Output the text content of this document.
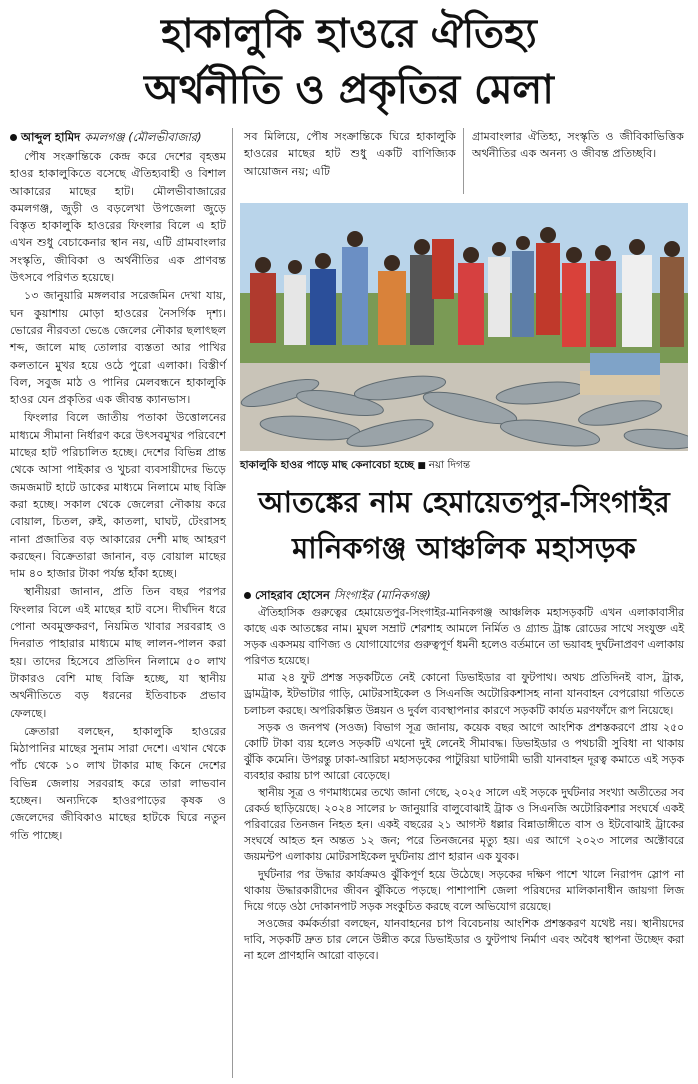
হাকালুকি হাওরে ঐতিহ্য
অর্থনীতি ও প্রকৃতির মেলা
আব্দুল হামিদ কমলগঞ্জ (মৌলভীবাজার)

পৌষ সংক্রান্তিকে কেন্দ্র করে দেশের বৃহত্তম হাওর হাকালুকিতে বসেছে ঐতিহ্যবাহী ও বিশাল আকারের মাছের হাট। মৌলভীবাজারের কমলগঞ্জ, জুড়ী ও বড়লেখা উপজেলা জুড়ে বিস্তৃত হাকালুকি হাওরের ফিংলার বিলে এ হাট এখন শুধু বেচাকেনার স্থান নয়, এটি গ্রামবাংলার সংস্কৃতি, জীবিকা ও অর্থনীতির এক প্রাণবন্ত উৎসবে পরিণত হয়েছে।

১৩ জানুয়ারি মঙ্গলবার সরেজমিন দেখা যায়, ঘন কুয়াশায় মোড়া হাওরের নৈসর্গিক দৃশ্য। ভোরের নীরবতা ভেঙে জেলের নৌকার ছলাৎছল শব্দ, জালে মাছ তোলার ব্যস্ততা আর পাখির কলতানে মুখর হয়ে ওঠে পুরো এলাকা। বিস্তীর্ণ বিল, সবুজ মাঠ ও পানির মেলবন্ধনে হাকালুকি হাওর যেন প্রকৃতির এক জীবন্ত ক্যানভাস।

ফিংলার বিলে জাতীয় পতাকা উত্তোলনের মাধ্যমে সীমানা নির্ধারণ করে উৎসবমুখর পরিবেশে মাছের হাট পরিচালিত হচ্ছে। দেশের বিভিন্ন প্রান্ত থেকে আসা পাইকার ও খুচরা ব্যবসায়ীদের ভিড়ে জমজমাট হাটে ডাকের মাধ্যমে নিলামে মাছ বিক্রি করা হচ্ছে। সকাল থেকে জেলেরা নৌকায় করে বোয়াল, চিতল, রুই, কাতলা, ঘাঘট, টেংরাসহ নানা প্রজাতির বড় আকারের দেশী মাছ আহরণ করছেন। বিক্রেতারা জানান, বড় বোয়াল মাছের দাম ৪০ হাজার টাকা পর্যন্ত হাঁকা হচ্ছে।

স্থানীয়রা জানান, প্রতি তিন বছর পরপর ফিংলার বিলে এই মাছের হাট বসে। দীর্ঘদিন ধরে পোনা অবমুক্তকরণ, নিয়মিত খাবার সরবরাহ ও দিনরাত পাহারার মাধ্যমে মাছ লালন-পালন করা হয়। তাদের হিসেবে প্রতিদিন নিলামে ৫০ লাখ টাকারও বেশি মাছ বিক্রি হচ্ছে, যা স্থানীয় অর্থনীতিতে বড় ধরনের ইতিবাচক প্রভাব ফেলছে।

ক্রেতারা বলছেন, হাকালুকি হাওরের মিঠাপানির মাছের সুনাম সারা দেশে। এখান থেকে পাঁচ থেকে ১০ লাখ টাকার মাছ কিনে দেশের বিভিন্ন জেলায় সরবরাহ করে তারা লাভবান হচ্ছেন। অন্যদিকে হাওরপাড়ের কৃষক ও জেলেদের জীবিকাও মাছের হাটকে ঘিরে নতুন গতি পাচ্ছে।

সব মিলিয়ে, পৌষ সংক্রান্তিকে ঘিরে হাকালুকি হাওরের মাছের হাট শুধু একটি বাণিজ্যিক আয়োজন নয়; এটি

গ্রামবাংলার ঐতিহ্য, সংস্কৃতি ও জীবিকাভিত্তিক অর্থনীতির এক অনন্য ও জীবন্ত প্রতিচ্ছবি।

হাকালুকি হাওর পাড়ে মাছ কেনাবেচা হচ্ছে ■ নয়া দিগন্ত
আতঙ্কের নাম হেমায়েতপুর-সিংগাইর
মানিকগঞ্জ আঞ্চলিক মহাসড়ক
সোহরাব হোসেন সিংগাইর (মানিকগঞ্জ)

ঐতিহাসিক গুরুত্বের হেমায়েতপুর-সিংগাইর-মানিকগঞ্জ আঞ্চলিক মহাসড়কটি এখন এলাকাবাসীর কাছে এক আতঙ্কের নাম। মুঘল সম্রাট শেরশাহ আমলে নির্মিত ও গ্র্যান্ড ট্রাঙ্ক রোডের সাথে সংযুক্ত এই সড়ক একসময় বাণিজ্য ও যোগাযোগের গুরুত্বপূর্ণ ধমনী হলেও বর্তমানে তা ভয়াবহ দুর্ঘটনাপ্রবণ এলাকায় পরিণত হয়েছে।

মাত্র ২৪ ফুট প্রশস্ত সড়কটিতে নেই কোনো ডিভাইডার বা ফুটপাথ। অথচ প্রতিদিনই বাস, ট্রাক, ড্রামট্রাক, ইটভাটার গাড়ি, মোটরসাইকেল ও সিএনজি অটোরিকশাসহ নানা যানবাহন বেপরোয়া গতিতে চলাচল করছে। অপরিকল্পিত উন্নয়ন ও দুর্বল ব্যবস্থাপনার কারণে সড়কটি কার্যত মরণফাঁদে রূপ নিয়েছে।

সড়ক ও জনপথ (সওজ) বিভাগ সূত্র জানায়, কয়েক বছর আগে আংশিক প্রশস্তকরণে প্রায় ২৫০ কোটি টাকা ব্যয় হলেও সড়কটি এখনো দুই লেনেই সীমাবদ্ধ। ডিভাইডার ও পথচারী সুবিধা না থাকায় ঝুঁকি কমেনি। উপরন্তু ঢাকা-আরিচা মহাসড়কের পাটুরিয়া ঘাটগামী ভারী যানবাহন দূরত্ব কমাতে এই সড়ক ব্যবহার করায় চাপ আরো বেড়েছে।

স্থানীয় সূত্র ও গণমাধ্যমের তথ্যে জানা গেছে, ২০২৫ সালে এই সড়কে দুর্ঘটনার সংখ্যা অতীতের সব রেকর্ড ছাড়িয়েছে। ২০২৪ সালের ৮ জানুয়ারি বালুবোঝাই ট্রাক ও সিএনজি অটোরিকশার সংঘর্ষে একই পরিবারের তিনজন নিহত হন। একই বছরের ২১ আগস্ট ধল্লার বিন্নাডাঙ্গীতে বাস ও ইটবোঝাই ট্রাকের সংঘর্ষে আহত হন অন্তত ১২ জন; পরে তিনজনের মৃত্যু হয়। এর আগে ২০২৩ সালের অক্টোবরে জয়মন্টপ এলাকায় মোটরসাইকেল দুর্ঘটনায় প্রাণ হারান এক যুবক।

দুর্ঘটনার পর উদ্ধার কার্যক্রমও ঝুঁকিপূর্ণ হয়ে উঠেছে। সড়কের দক্ষিণ পাশে খালে নিরাপদ স্লোপ না থাকায় উদ্ধারকারীদের জীবন ঝুঁকিতে পড়ছে। পাশাপাশি জেলা পরিষদের মালিকানাধীন জায়গা লিজ দিয়ে গড়ে ওঠা দোকানপাট সড়ক সংকুচিত করছে বলে অভিযোগ রয়েছে।

সওজের কর্মকর্তারা বলছেন, যানবাহনের চাপ বিবেচনায় আংশিক প্রশস্তকরণ যথেষ্ট নয়। স্থানীয়দের দাবি, সড়কটি দ্রুত চার লেনে উন্নীত করে ডিভাইডার ও ফুটপাথ নির্মাণ এবং অবৈধ স্থাপনা উচ্ছেদ করা না হলে প্রাণহানি আরো বাড়বে।
